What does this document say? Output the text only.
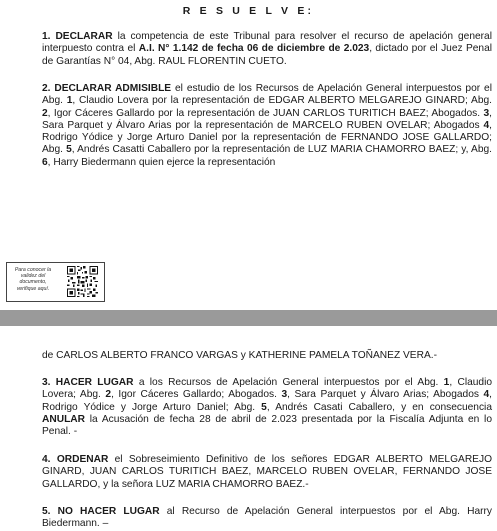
R E S U E L V E:

1. DECLARAR la competencia de este Tribunal para resolver el recurso de apelación general interpuesto contra el A.I. N° 1.142 de fecha 06 de diciembre de 2.023, dictado por el Juez Penal de Garantías N° 04, Abg. RAUL FLORENTIN CUETO.

2. DECLARAR ADMISIBLE el estudio de los Recursos de Apelación General interpuestos por el Abg. 1, Claudio Lovera por la representación de EDGAR ALBERTO MELGAREJO GINARD; Abg. 2, Igor Cáceres Gallardo por la representación de JUAN CARLOS TURITICH BAEZ; Abogados. 3, Sara Parquet y Álvaro Arias por la representación de MARCELO RUBEN OVELAR; Abogados 4, Rodrigo Yódice y Jorge Arturo Daniel por la representación de FERNANDO JOSE GALLARDO; Abg. 5, Andrés Casatti Caballero por la representación de LUZ MARIA CHAMORRO BAEZ; y, Abg. 6, Harry Biedermann quien ejerce la representación

Para conocer la validez del documento, verifique aquí.

de CARLOS ALBERTO FRANCO VARGAS y KATHERINE PAMELA TOÑANEZ VERA.-

3. HACER LUGAR a los Recursos de Apelación General interpuestos por el Abg. 1, Claudio Lovera; Abg. 2, Igor Cáceres Gallardo; Abogados. 3, Sara Parquet y Álvaro Arias; Abogados 4, Rodrigo Yódice y Jorge Arturo Daniel; Abg. 5, Andrés Casati Caballero, y en consecuencia ANULAR la Acusación de fecha 28 de abril de 2.023 presentada por la Fiscalía Adjunta en lo Penal. -

4. ORDENAR el Sobreseimiento Definitivo de los señores EDGAR ALBERTO MELGAREJO GINARD, JUAN CARLOS TURITICH BAEZ, MARCELO RUBEN OVELAR, FERNANDO JOSE GALLARDO, y la señora LUZ MARIA CHAMORRO BAEZ.-

5. NO HACER LUGAR al Recurso de Apelación General interpuestos por el Abg. Harry Biedermann. –
